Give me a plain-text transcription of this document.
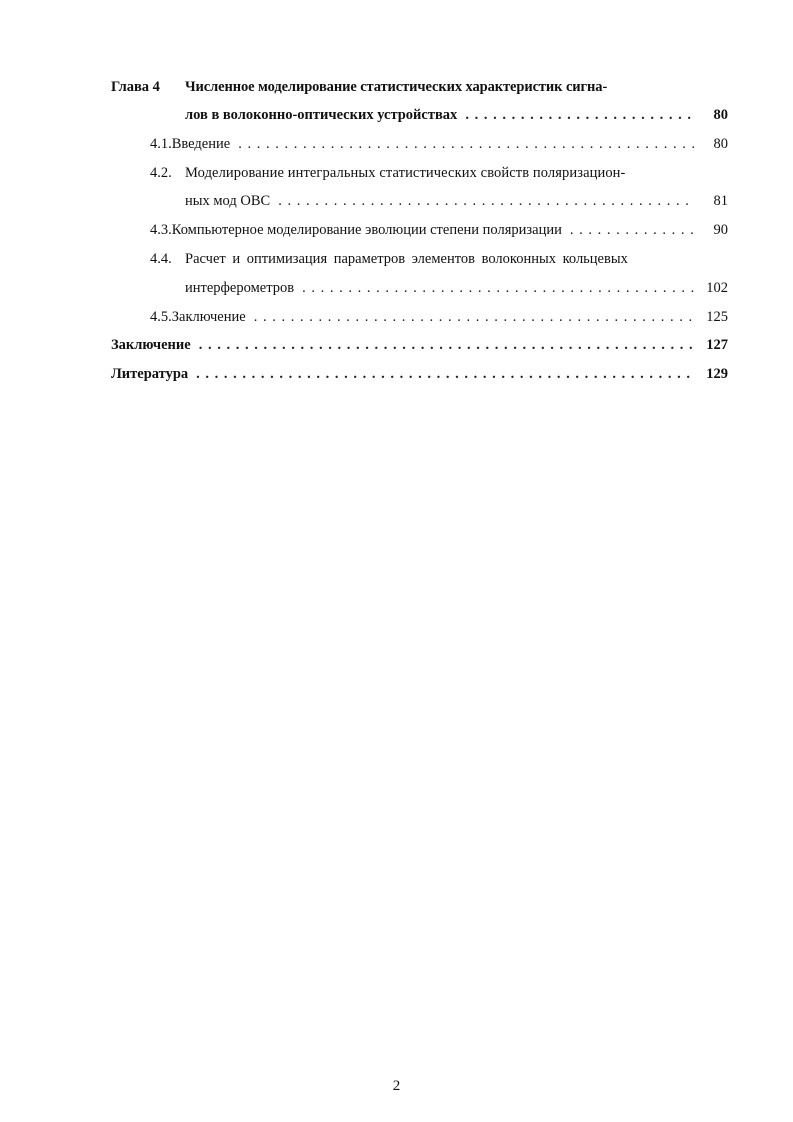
Глава 4	Численное моделирование статистических характеристик сигна-
лов в волоконно-оптических устройствах . . .	80
4.1. Введение . . .	80
4.2. Моделирование интегральных статистических свойств поляризацион-
ных мод ОВС . . .	81
4.3. Компьютерное моделирование эволюции степени поляризации . . .	90
4.4. Расчет и оптимизация параметров элементов волоконных кольцевых
интерферометров . . .	102
4.5. Заключение . . .	125
Заключение . . .	127
Литература . . .	129
2
